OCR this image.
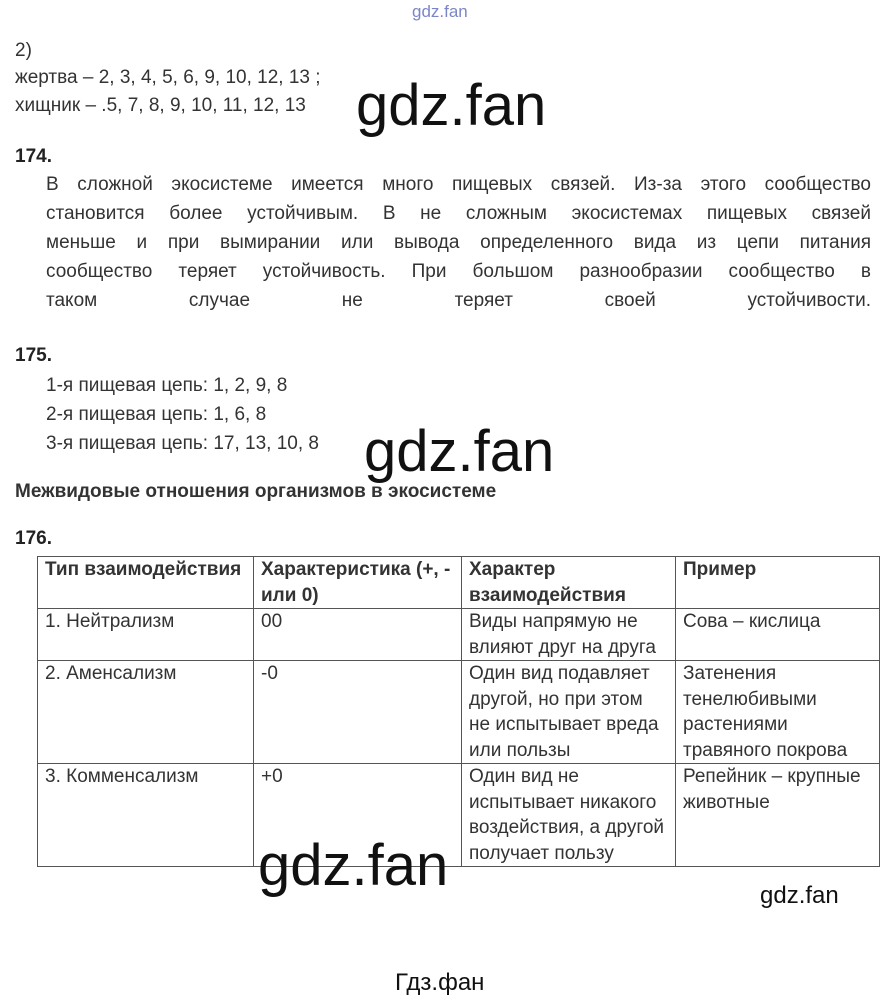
gdz.fan
2)
жертва – 2, 3, 4, 5, 6, 9, 10, 12, 13 ;
хищник – .5, 7, 8, 9, 10, 11, 12, 13 gdz.fan
174.
В сложной экосистеме имеется много пищевых связей. Из-за этого сообщество
становится более устойчивым. В не сложным экосистемах пищевых связей
меньше и при вымирании или вывода определенного вида из цепи питания
сообщество теряет устойчивость. При большом разнообразии сообщество в
таком случае не теряет своей устойчивости.
175.
1-я пищевая цепь: 1, 2, 9, 8
2-я пищевая цепь: 1, 6, 8
3-я пищевая цепь: 17, 13, 10, 8 gdz.fan
Межвидовые отношения организмов в экосистеме
176.
Тип взаимодействия	Характеристика (+, - или 0)	Характер взаимодействия	Пример
1. Нейтрализм	00	Виды напрямую не влияют друг на друга	Сова – кислица
2. Аменсализм	-0	Один вид подавляет другой, но при этом не испытывает вреда или пользы	Затенения тенелюбивыми растениями травяного покрова
3. Комменсализм	+0	Один вид не испытывает никакого воздействия, а другой получает пользу	Репейник – крупные животные
gdz.fan	gdz.fan
Гдз.фан
